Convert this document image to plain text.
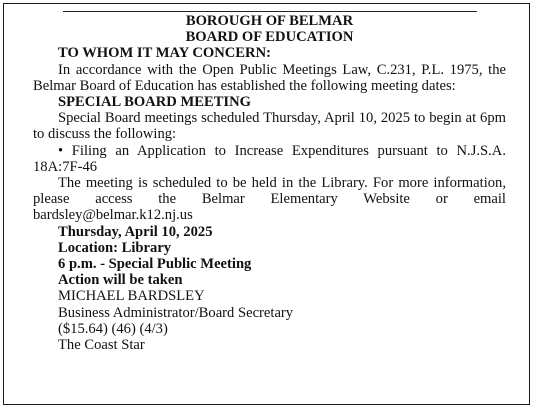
BOROUGH OF BELMAR
BOARD OF EDUCATION
TO WHOM IT MAY CONCERN:
In accordance with the Open Public Meetings Law, C.231, P.L. 1975, the Belmar Board of Education has established the following meeting dates:
SPECIAL BOARD MEETING
Special Board meetings scheduled Thursday, April 10, 2025 to begin at 6pm to discuss the following:
• Filing an Application to Increase Expenditures pursuant to N.J.S.A. 18A:7F-46
The meeting is scheduled to be held in the Library. For more information, please access the Belmar Elementary Website or email bardsley@belmar.k12.nj.us
Thursday, April 10, 2025
Location: Library
6 p.m. - Special Public Meeting
Action will be taken
MICHAEL BARDSLEY
Business Administrator/Board Secretary
($15.64) (46) (4/3)
The Coast Star
